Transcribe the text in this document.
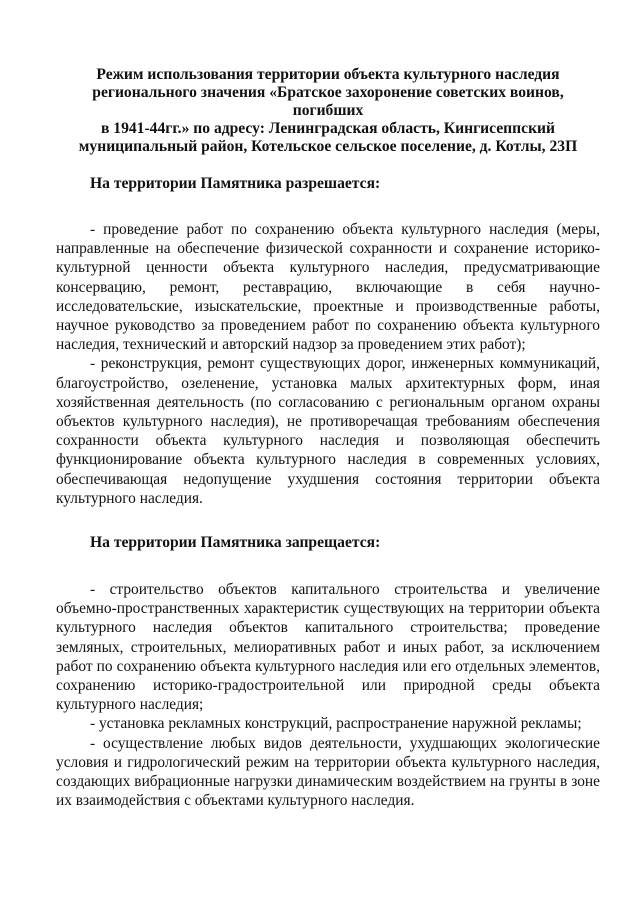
Режим использования территории объекта культурного наследия
регионального значения «Братское захоронение советских воинов, погибших
в 1941-44гг.» по адресу: Ленинградская область, Кингисеппский
муниципальный район, Котельское сельское поселение, д. Котлы, 23П
На территории Памятника разрешается:

- проведение работ по сохранению объекта культурного наследия (меры, направленные на обеспечение физической сохранности и сохранение историко-культурной ценности объекта культурного наследия, предусматривающие консервацию, ремонт, реставрацию, включающие в себя научно-исследовательские, изыскательские, проектные и производственные работы, научное руководство за проведением работ по сохранению объекта культурного наследия, технический и авторский надзор за проведением этих работ);

- реконструкция, ремонт существующих дорог, инженерных коммуникаций, благоустройство, озеленение, установка малых архитектурных форм, иная хозяйственная деятельность (по согласованию с региональным органом охраны объектов культурного наследия), не противоречащая требованиям обеспечения сохранности объекта культурного наследия и позволяющая обеспечить функционирование объекта культурного наследия в современных условиях, обеспечивающая недопущение ухудшения состояния территории объекта культурного наследия.

На территории Памятника запрещается:

- строительство объектов капитального строительства и увеличение объемно-пространственных характеристик существующих на территории объекта культурного наследия объектов капитального строительства; проведение земляных, строительных, мелиоративных работ и иных работ, за исключением работ по сохранению объекта культурного наследия или его отдельных элементов, сохранению историко-градостроительной или природной среды объекта культурного наследия;

- установка рекламных конструкций, распространение наружной рекламы;

- осуществление любых видов деятельности, ухудшающих экологические условия и гидрологический режим на территории объекта культурного наследия, создающих вибрационные нагрузки динамическим воздействием на грунты в зоне их взаимодействия с объектами культурного наследия.
